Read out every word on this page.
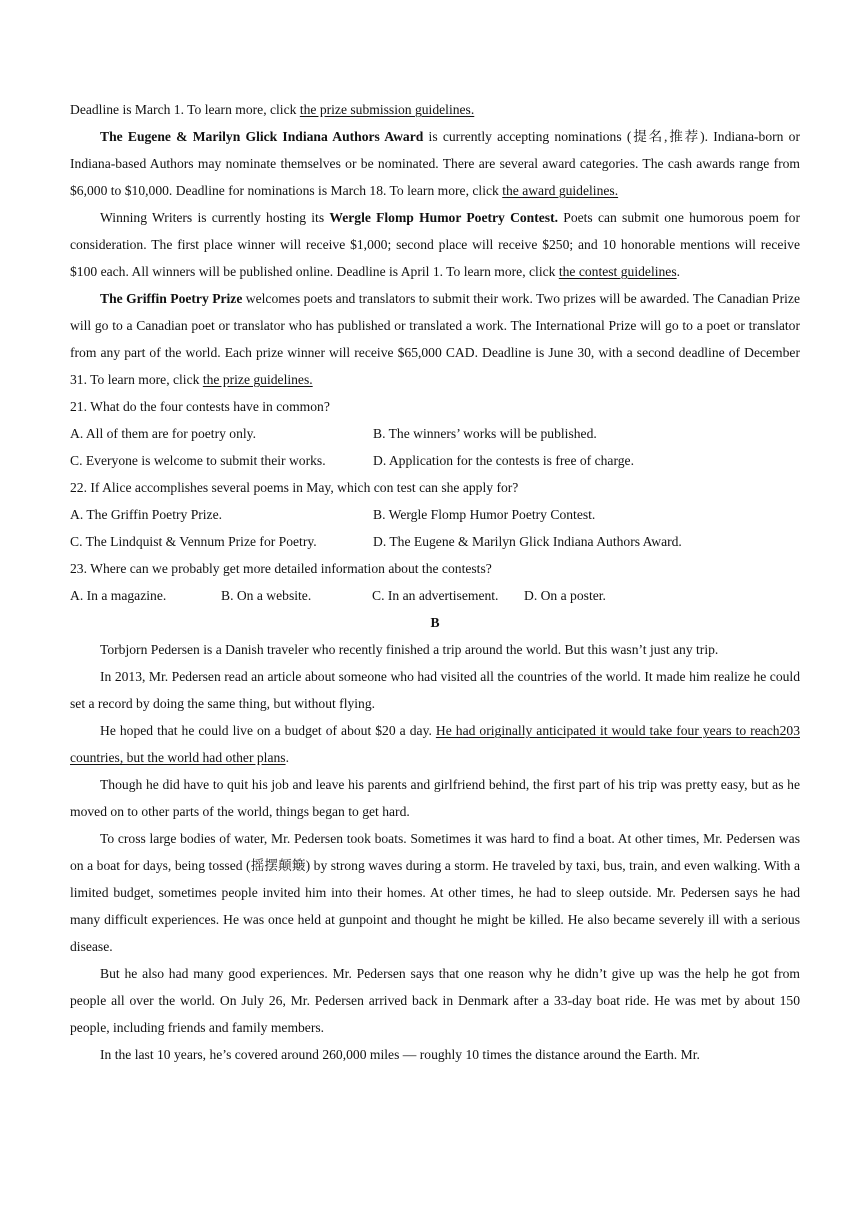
Deadline is March 1. To learn more, click the prize submission guidelines.

The Eugene & Marilyn Glick Indiana Authors Award is currently accepting nominations (提名,推荐). Indiana-born or Indiana-based Authors may nominate themselves or be nominated. There are several award categories. The cash awards range from $6,000 to $10,000. Deadline for nominations is March 18. To learn more, click the award guidelines.

Winning Writers is currently hosting its Wergle Flomp Humor Poetry Contest. Poets can submit one humorous poem for consideration. The first place winner will receive $1,000; second place will receive $250; and 10 honorable mentions will receive $100 each. All winners will be published online. Deadline is April 1. To learn more, click the contest guidelines.

The Griffin Poetry Prize welcomes poets and translators to submit their work. Two prizes will be awarded. The Canadian Prize will go to a Canadian poet or translator who has published or translated a work. The International Prize will go to a poet or translator from any part of the world. Each prize winner will receive $65,000 CAD. Deadline is June 30, with a second deadline of December 31. To learn more, click the prize guidelines.

21. What do the four contests have in common?
A. All of them are for poetry only.	B. The winners’ works will be published.
C. Everyone is welcome to submit their works.	D. Application for the contests is free of charge.
22. If Alice accomplishes several poems in May, which con test can she apply for?
A. The Griffin Poetry Prize.	B. Wergle Flomp Humor Poetry Contest.
C. The Lindquist & Vennum Prize for Poetry.	D. The Eugene & Marilyn Glick Indiana Authors Award.
23. Where can we probably get more detailed information about the contests?
A. In a magazine.	B. On a website.	C. In an advertisement.	D. On a poster.
B

Torbjorn Pedersen is a Danish traveler who recently finished a trip around the world. But this wasn’t just any trip.

In 2013, Mr. Pedersen read an article about someone who had visited all the countries of the world. It made him realize he could set a record by doing the same thing, but without flying.

He hoped that he could live on a budget of about $20 a day. He had originally anticipated it would take four years to reach203 countries, but the world had other plans.

Though he did have to quit his job and leave his parents and girlfriend behind, the first part of his trip was pretty easy, but as he moved on to other parts of the world, things began to get hard.

To cross large bodies of water, Mr. Pedersen took boats. Sometimes it was hard to find a boat. At other times, Mr. Pedersen was on a boat for days, being tossed (摇摆颠簸) by strong waves during a storm. He traveled by taxi, bus, train, and even walking. With a limited budget, sometimes people invited him into their homes. At other times, he had to sleep outside. Mr. Pedersen says he had many difficult experiences. He was once held at gunpoint and thought he might be killed. He also became severely ill with a serious disease.

But he also had many good experiences. Mr. Pedersen says that one reason why he didn’t give up was the help he got from people all over the world. On July 26, Mr. Pedersen arrived back in Denmark after a 33-day boat ride. He was met by about 150 people, including friends and family members.

In the last 10 years, he’s covered around 260,000 miles — roughly 10 times the distance around the Earth. Mr.
